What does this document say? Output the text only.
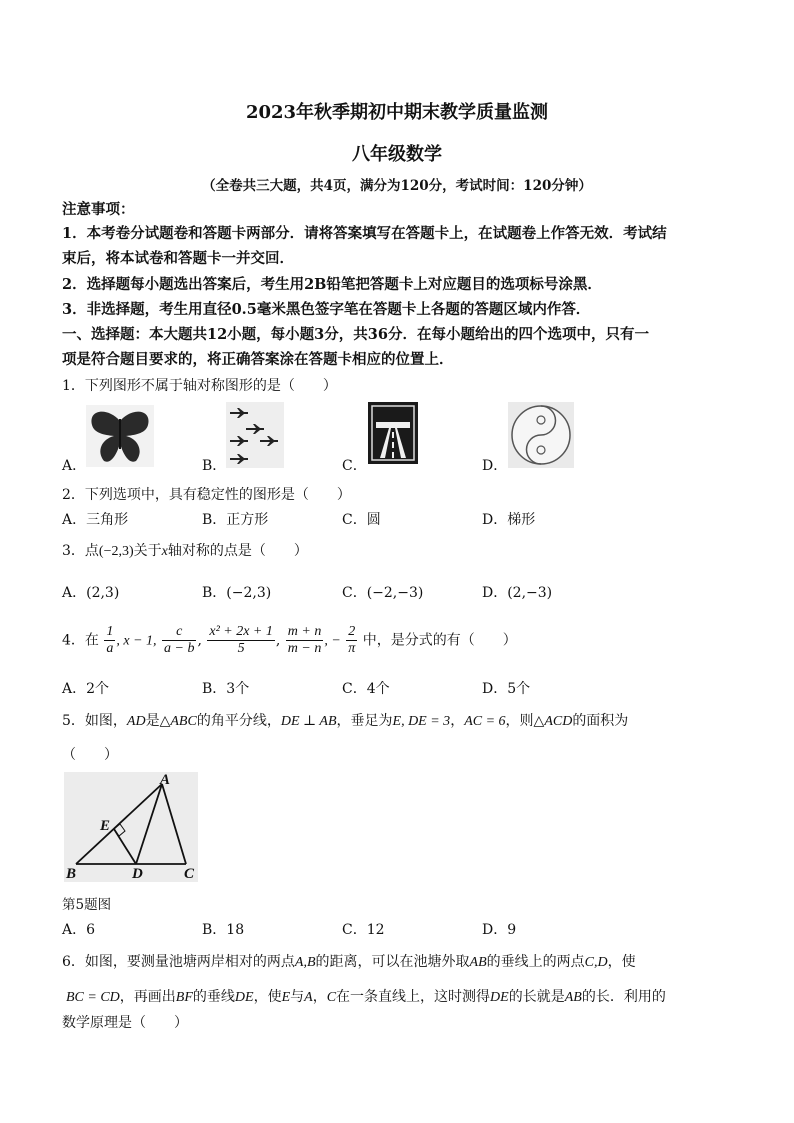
2023年秋季期初中期末教学质量监测
八年级数学
（全卷共三大题，共4页，满分为120分，考试时间：120分钟）
注意事项：
1．本考卷分试题卷和答题卡两部分．请将答案填写在答题卡上，在试题卷上作答无效．考试结
束后，将本试卷和答题卡一并交回．
2．选择题每小题选出答案后，考生用2B铅笔把答题卡上对应题目的选项标号涂黑．
3．非选择题，考生用直径0.5毫米黑色签字笔在答题卡上各题的答题区域内作答．
一、选择题：本大题共12小题，每小题3分，共36分．在每小题给出的四个选项中，只有一
项是符合题目要求的，将正确答案涂在答题卡相应的位置上．
1．下列图形不属于轴对称图形的是（　　）
A．	B．	C．	D．
2．下列选项中，具有稳定性的图形是（　　）
A．三角形	B．正方形	C．圆	D．梯形
3．点(−2,3)关于x轴对称的点是（　　）
A．(2,3)	B．(−2,3)	C．(−2,−3)	D．(2,−3)
4．在 $\frac{1}{a}$ , x − 1, $\frac{c}{a - b}$ , $\frac{\text{x² + 2x + 1}}{5}$ , $\frac{m + n}{m - n}$ , − $\frac{2}{\pi}$ 中，是分式的有（　　）
A．2个	B．3个	C．4个	D．5个
5．如图，AD是△ABC的角平分线，DE ⊥ AB，垂足为E, DE = 3，AC = 6，则△ACD的面积为
（　　）
A
B	C
D
E
第5题图
A．6	B．18	C．12	D．9
6．如图，要测量池塘两岸相对的两点A,B的距离，可以在池塘外取AB的垂线上的两点C,D，使
BC = CD，再画出BF的垂线DE，使E与A，C在一条直线上，这时测得DE的长就是AB的长．利用的
数学原理是（　　）
